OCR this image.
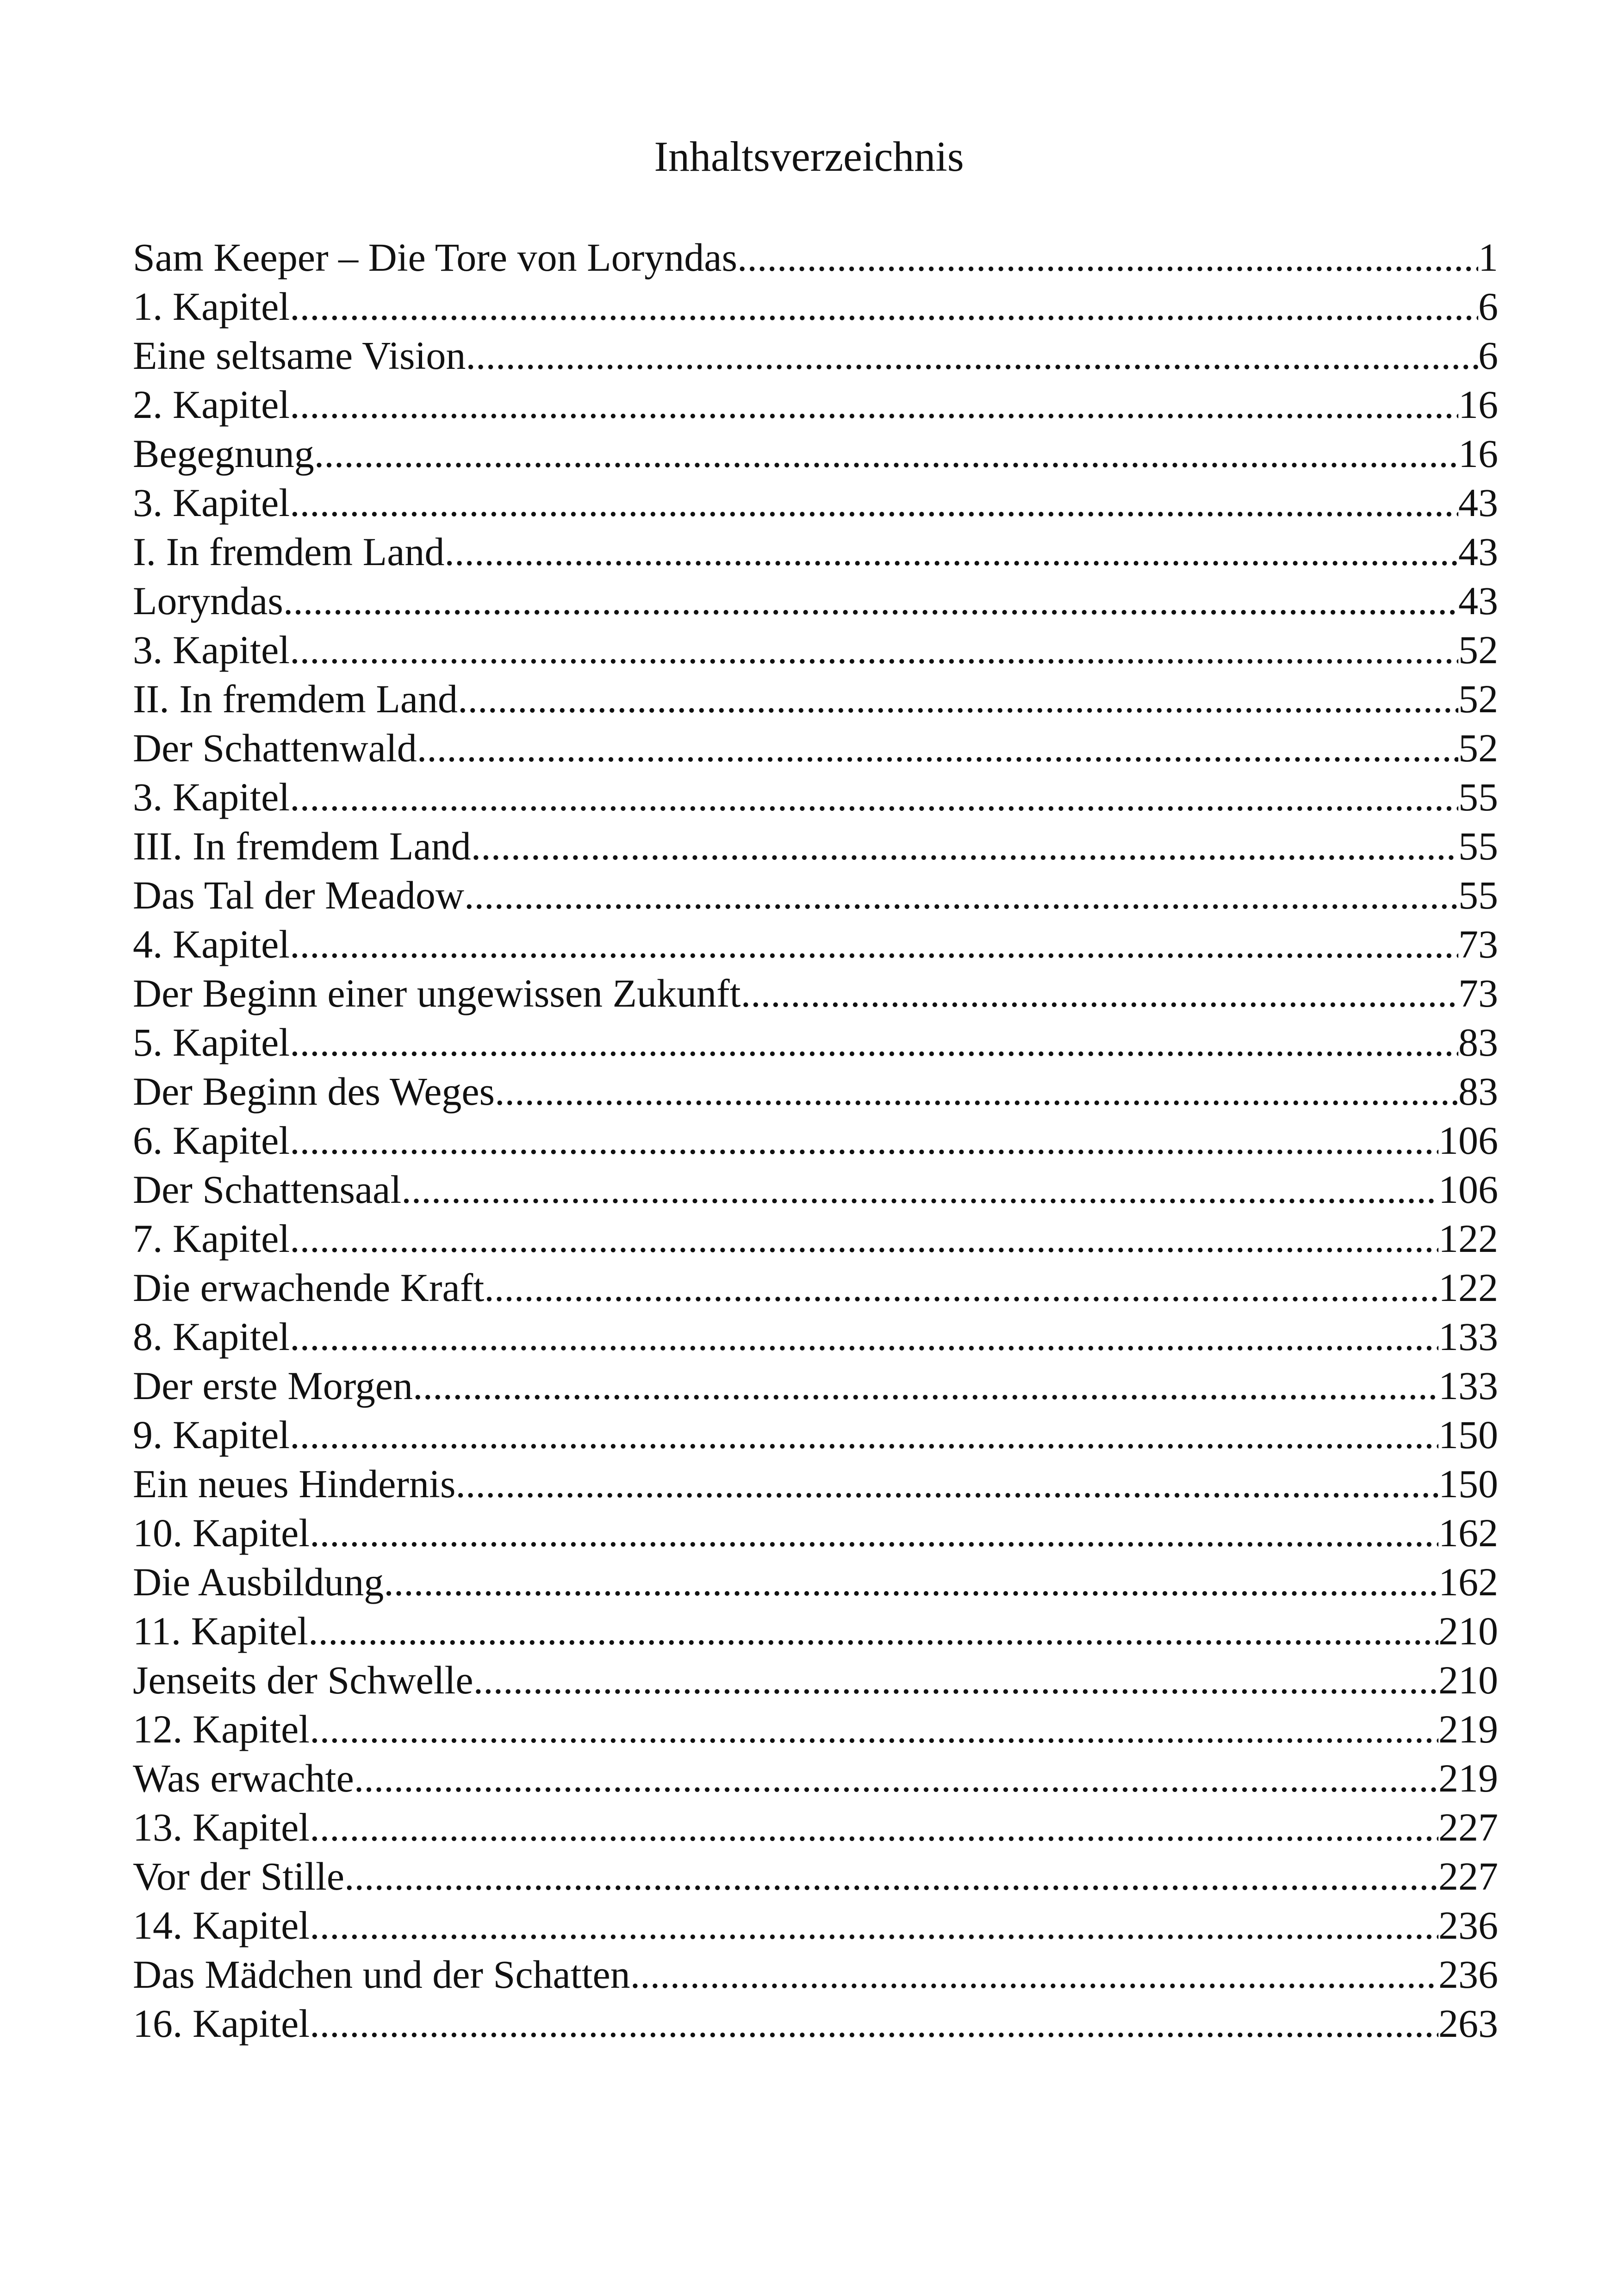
Inhaltsverzeichnis
Sam Keeper – Die Tore von Loryndas .....	1
1. Kapitel .....	6
Eine seltsame Vision .....	6
2. Kapitel .....	16
Begegnung .....	16
3. Kapitel .....	43
I. In fremdem Land .....	43
Loryndas .....	43
3. Kapitel .....	52
II. In fremdem Land .....	52
Der Schattenwald .....	52
3. Kapitel .....	55
III. In fremdem Land .....	55
Das Tal der Meadow .....	55
4. Kapitel .....	73
Der Beginn einer ungewissen Zukunft .....	73
5. Kapitel .....	83
Der Beginn des Weges .....	83
6. Kapitel .....	106
Der Schattensaal .....	106
7. Kapitel .....	122
Die erwachende Kraft .....	122
8. Kapitel .....	133
Der erste Morgen .....	133
9. Kapitel .....	150
Ein neues Hindernis .....	150
10. Kapitel .....	162
Die Ausbildung .....	162
11. Kapitel .....	210
Jenseits der Schwelle .....	210
12. Kapitel .....	219
Was erwachte .....	219
13. Kapitel .....	227
Vor der Stille .....	227
14. Kapitel .....	236
Das Mädchen und der Schatten .....	236
16. Kapitel .....	263
